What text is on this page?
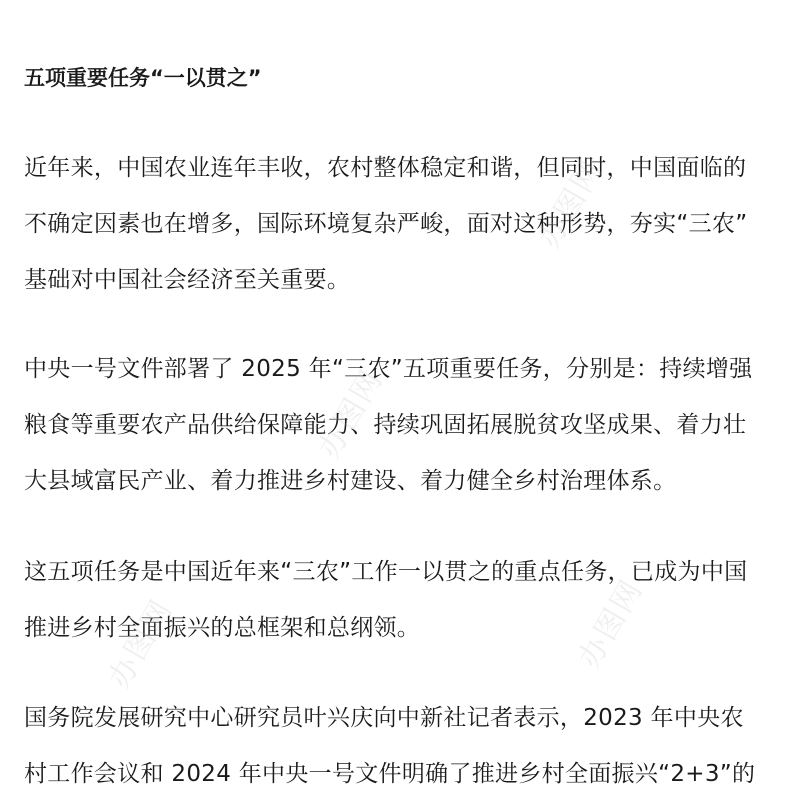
五项重要任务“一以贯之”
近年来，中国农业连年丰收，农村整体稳定和谐，但同时，中国面临的
不确定因素也在增多，国际环境复杂严峻，面对这种形势，夯实“三农”
基础对中国社会经济至关重要。
中央一号文件部署了 2025 年“三农”五项重要任务，分别是：持续增强
粮食等重要农产品供给保障能力、持续巩固拓展脱贫攻坚成果、着力壮
大县域富民产业、着力推进乡村建设、着力健全乡村治理体系。
这五项任务是中国近年来“三农”工作一以贯之的重点任务，已成为中国
推进乡村全面振兴的总框架和总纲领。
国务院发展研究中心研究员叶兴庆向中新社记者表示，2023 年中央农
村工作会议和 2024 年中央一号文件明确了推进乡村全面振兴“2+3”的
办图网
办图网
办图网	办图网
